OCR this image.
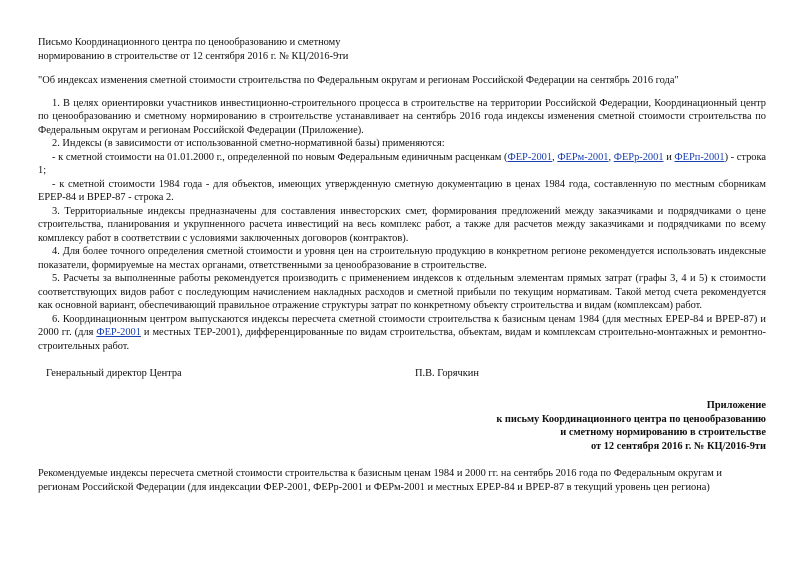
Письмо Координационного центра по ценообразованию и сметному
нормированию в строительстве от 12 сентября 2016 г. № КЦ/2016-9ти
"Об индексах изменения сметной стоимости строительства по Федеральным округам и регионам Российской Федерации на сентябрь 2016 года"

1. В целях ориентировки участников инвестиционно-строительного процесса в строительстве на территории Российской Федерации, Координационный центр по ценообразованию и сметному нормированию в строительстве устанавливает на сентябрь 2016 года индексы изменения сметной стоимости строительства по Федеральным округам и регионам Российской Федерации (Приложение).

2. Индексы (в зависимости от использованной сметно-нормативной базы) применяются:

- к сметной стоимости на 01.01.2000 г., определенной по новым Федеральным единичным расценкам (ФЕР-2001, ФЕРм-2001, ФЕРр-2001 и ФЕРп-2001) - строка 1;

- к сметной стоимости 1984 года - для объектов, имеющих утвержденную сметную документацию в ценах 1984 года, составленную по местным сборникам ЕРЕР-84 и ВРЕР-87 - строка 2.

3. Территориальные индексы предназначены для составления инвесторских смет, формирования предложений между заказчиками и подрядчиками о цене строительства, планирования и укрупненного расчета инвестиций на весь комплекс работ, а также для расчетов между заказчиками и подрядчиками по всему комплексу работ в соответствии с условиями заключенных договоров (контрактов).

4. Для более точного определения сметной стоимости и уровня цен на строительную продукцию в конкретном регионе рекомендуется использовать индексные показатели, формируемые на местах органами, ответственными за ценообразование в строительстве.

5. Расчеты за выполненные работы рекомендуется производить с применением индексов к отдельным элементам прямых затрат (графы 3, 4 и 5) к стоимости соответствующих видов работ с последующим начислением накладных расходов и сметной прибыли по текущим нормативам. Такой метод счета рекомендуется как основной вариант, обеспечивающий правильное отражение структуры затрат по конкретному объекту строительства и видам (комплексам) работ.

6. Координационным центром выпускаются индексы пересчета сметной стоимости строительства к базисным ценам 1984 (для местных ЕРЕР-84 и ВРЕР-87) и 2000 гг. (для ФЕР-2001 и местных ТЕР-2001), дифференцированные по видам строительства, объектам, видам и комплексам строительно-монтажных и ремонтно-строительных работ.

Генеральный директор Центра	П.В. Горячкин
Приложение
к письму Координационного центра по ценообразованию
и сметному нормированию в строительстве
от 12 сентября 2016 г. № КЦ/2016-9ти
Рекомендуемые индексы пересчета сметной стоимости строительства к базисным ценам 1984 и 2000 гг. на сентябрь 2016 года по Федеральным округам и регионам Российской Федерации (для индексации ФЕР-2001, ФЕРр-2001 и ФЕРм-2001 и местных ЕРЕР-84 и ВРЕР-87 в текущий уровень цен региона)
